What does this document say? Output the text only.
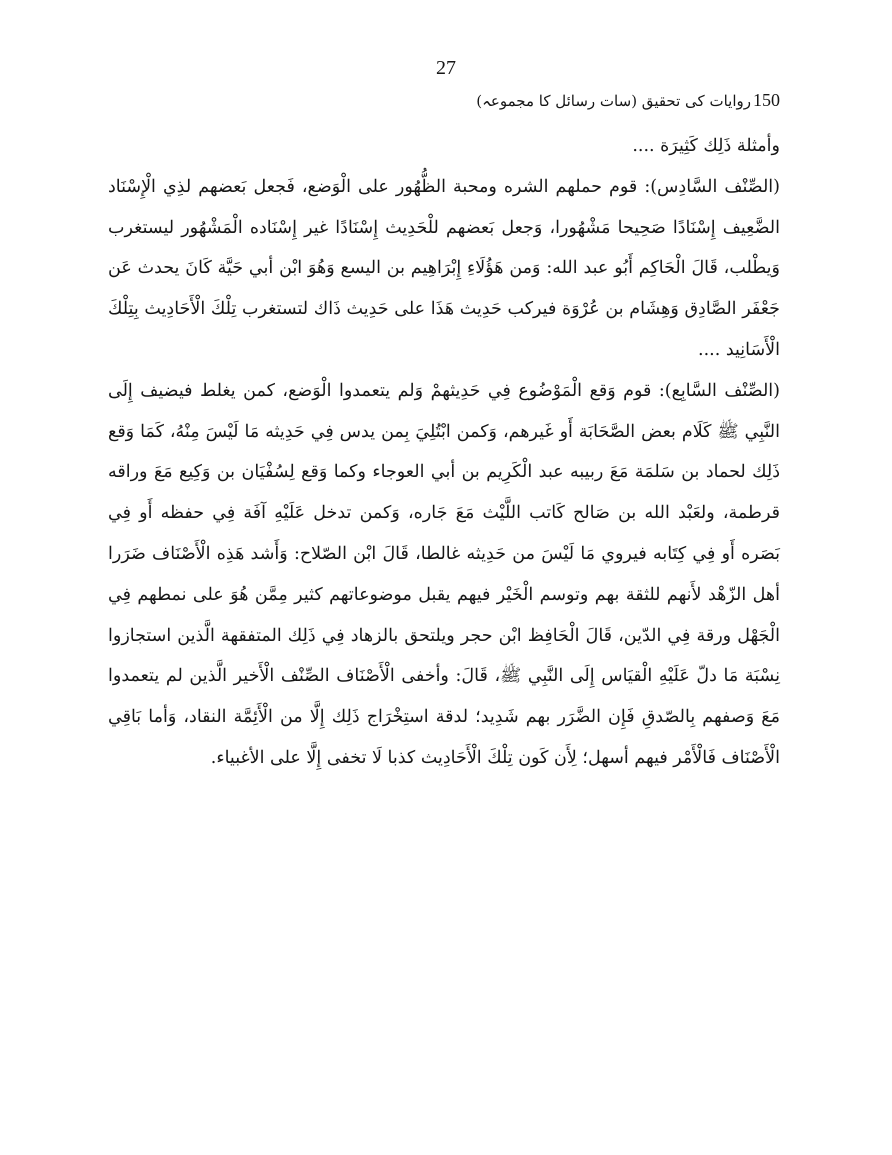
27
150روایات کی تحقیق (سات رسائل کا مجموعہ)

وأمثلة ذَلِك كَثِيرَة ....

(الصِّنْف السَّادِس): قوم حملهم الشره ومحبة الظُّهُور على الْوَضع، فَجعل بَعضهم لذِي الْإِسْنَاد الضَّعِيف إِسْنَادًا صَحِيحا مَشْهُورا، وَجعل بَعضهم للْحَدِيث إِسْنَادًا غير إِسْنَاده الْمَشْهُور ليستغرب وَيطْلب، قَالَ الْحَاكِم أَبُو عبد الله: وَمن هَؤُلَاءِ إِبْرَاهِيم بن اليسع وَهُوَ ابْن أبي حَيَّة كَانَ يحدث عَن جَعْفَر الصَّادِق وَهِشَام بن عُرْوَة فيركب حَدِيث هَذَا على حَدِيث ذَاك لتستغرب تِلْكَ الْأَحَادِيث بِتِلْكَ الْأَسَانِيد ....

(الصِّنْف السَّابِع): قوم وَقع الْمَوْضُوع فِي حَدِيثهمْ وَلم يتعمدوا الْوَضع، كمن يغلط فيضيف إِلَى النَّبِي ﷺ كَلَام بعض الصَّحَابَة أَو غَيرهم، وَكمن ابْتُلِيَ بِمن يدس فِي حَدِيثه مَا لَيْسَ مِنْهُ، كَمَا وَقع ذَلِك لحماد بن سَلمَة مَعَ ربيبه عبد الْكَرِيم بن أبي العوجاء وكما وَقع لِسُفْيَان بن وَكِيع مَعَ وراقه قرطمة، ولعَبْد الله بن صَالح كَاتب اللَّيْث مَعَ جَاره، وَكمن تدخل عَلَيْهِ آفَة فِي حفظه أَو فِي بَصَره أَو فِي كِتَابه فيروي مَا لَيْسَ من حَدِيثه غالطا، قَالَ ابْن الصّلاح: وَأَشد هَذِه الْأَصْنَاف ضَرَرا أهل الزّهْد لأَنهم للثقة بهم وتوسم الْخَيْر فيهم يقبل موضوعاتهم كثير مِمَّن هُوَ على نمطهم فِي الْجَهْل ورقة فِي الدّين، قَالَ الْحَافِظ ابْن حجر ويلتحق بالزهاد فِي ذَلِك المتفقهة الَّذين استجازوا نِسْبَة مَا دلّ عَلَيْهِ الْقيَاس إِلَى النَّبِي ﷺ، قَالَ: وأخفى الْأَصْنَاف الصِّنْف الْأَخير الَّذين لم يتعمدوا مَعَ وَصفهم بِالصّدقِ فَإِن الضَّرَر بهم شَدِيد؛ لدقة استِخْرَاج ذَلِك إِلَّا من الْأَئِمَّة النقاد، وَأما بَاقِي الْأَصْنَاف فَالْأَمْر فيهم أسهل؛ لِأَن كَون تِلْكَ الْأَحَادِيث كذبا لَا تخفى إِلَّا على الأغبياء.
